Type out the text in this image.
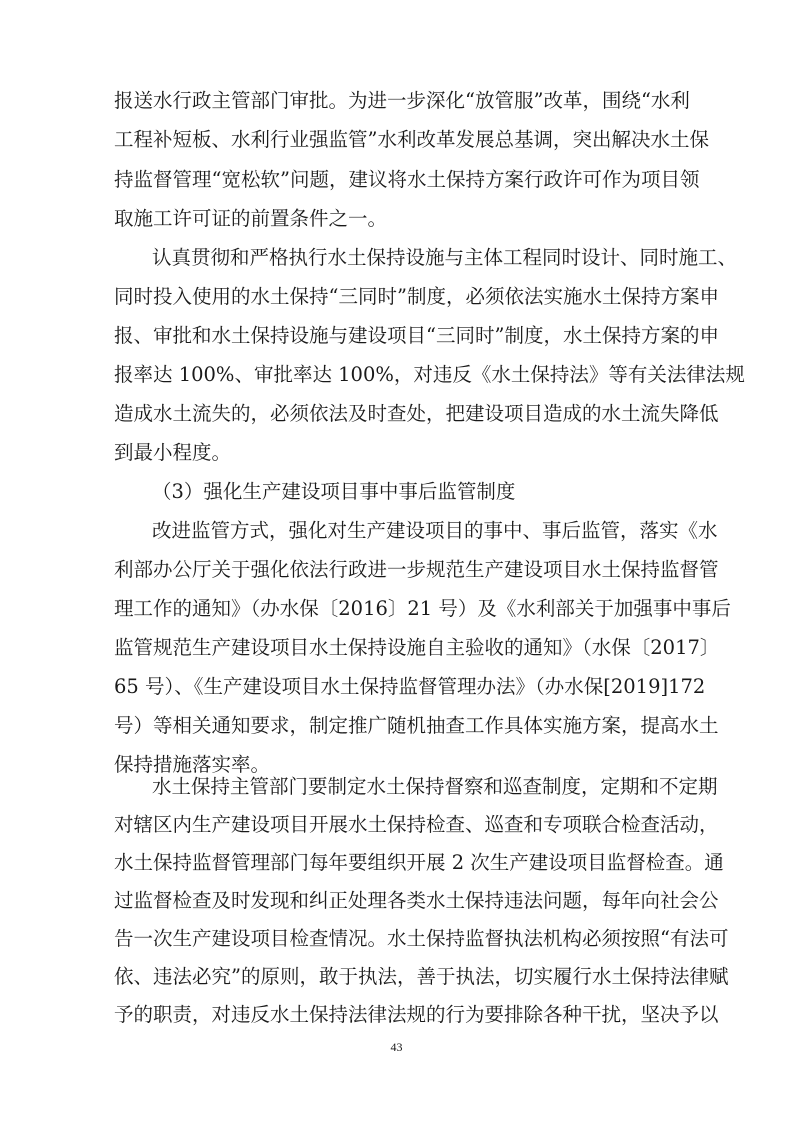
报送水行政主管部门审批。为进一步深化“放管服”改革，围绕“水利
工程补短板、水利行业强监管”水利改革发展总基调，突出解决水土保
持监督管理“宽松软”问题，建议将水土保持方案行政许可作为项目领
取施工许可证的前置条件之一。
认真贯彻和严格执行水土保持设施与主体工程同时设计、同时施工、
同时投入使用的水土保持“三同时”制度，必须依法实施水土保持方案申
报、审批和水土保持设施与建设项目“三同时”制度，水土保持方案的申
报率达 100%、审批率达 100%，对违反《水土保持法》等有关法律法规
造成水土流失的，必须依法及时查处，把建设项目造成的水土流失降低
到最小程度。
（3）强化生产建设项目事中事后监管制度
改进监管方式，强化对生产建设项目的事中、事后监管，落实《水
利部办公厅关于强化依法行政进一步规范生产建设项目水土保持监督管
理工作的通知》（办水保〔2016〕21 号）及《水利部关于加强事中事后
监管规范生产建设项目水土保持设施自主验收的通知》（水保〔2017〕
65 号）、《生产建设项目水土保持监督管理办法》（办水保[2019]172
号）等相关通知要求，制定推广随机抽查工作具体实施方案，提高水土
保持措施落实率。
水土保持主管部门要制定水土保持督察和巡查制度，定期和不定期
对辖区内生产建设项目开展水土保持检查、巡查和专项联合检查活动，
水土保持监督管理部门每年要组织开展 2 次生产建设项目监督检查。通
过监督检查及时发现和纠正处理各类水土保持违法问题，每年向社会公
告一次生产建设项目检查情况。水土保持监督执法机构必须按照“有法可
依、违法必究”的原则，敢于执法，善于执法，切实履行水土保持法律赋
予的职责，对违反水土保持法律法规的行为要排除各种干扰，坚决予以
43
